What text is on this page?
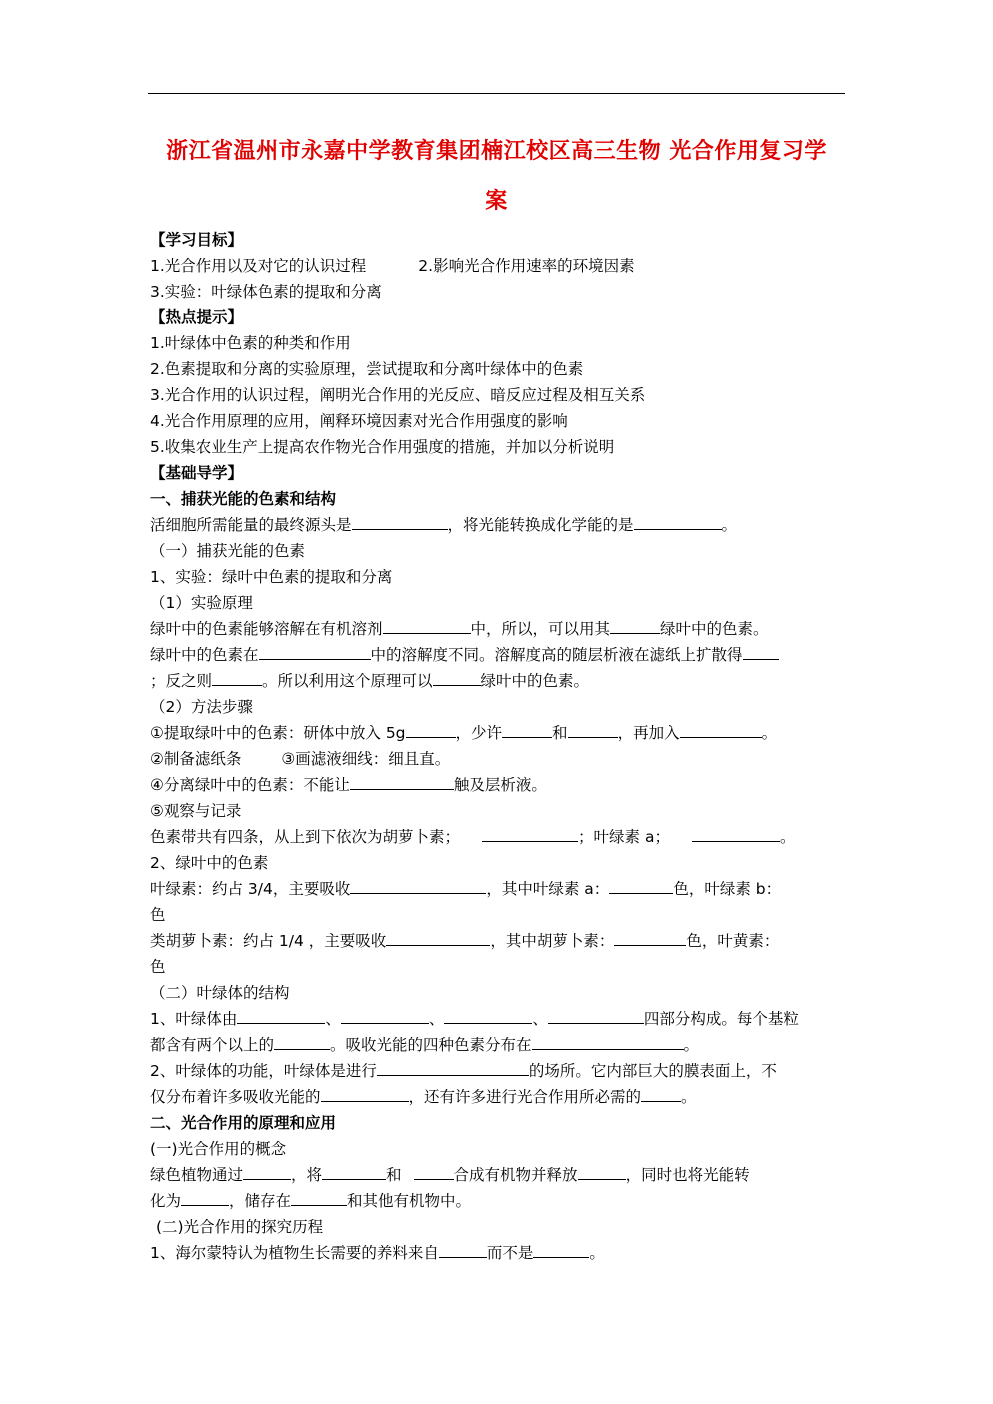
浙江省温州市永嘉中学教育集团楠江校区高三生物 光合作用复习学
案
【学习目标】
1.光合作用以及对它的认识过程	2.影响光合作用速率的环境因素
3.实验：叶绿体色素的提取和分离
【热点提示】
1.叶绿体中色素的种类和作用
2.色素提取和分离的实验原理，尝试提取和分离叶绿体中的色素
3.光合作用的认识过程，阐明光合作用的光反应、暗反应过程及相互关系
4.光合作用原理的应用，阐释环境因素对光合作用强度的影响
5.收集农业生产上提高农作物光合作用强度的措施，并加以分析说明
【基础导学】
一、捕获光能的色素和结构
活细胞所需能量的最终源头是	，将光能转换成化学能的是	。
（一）捕获光能的色素
1、实验：绿叶中色素的提取和分离
（1）实验原理
绿叶中的色素能够溶解在有机溶剂	中，所以，可以用其	绿叶中的色素。
绿叶中的色素在	中的溶解度不同。溶解度高的随层析液在滤纸上扩散得
；反之则	。所以利用这个原理可以	绿叶中的色素。
（2）方法步骤
①提取绿叶中的色素：研体中放入 5g	，少许	和	，再加入	。
②制备滤纸条	③画滤液细线：细且直。
④分离绿叶中的色素：不能让	触及层析液。
⑤观察与记录
色素带共有四条，从上到下依次为胡萝卜素；	；叶绿素 a；	。
2、绿叶中的色素
叶绿素：约占 3/4，主要吸收	，其中叶绿素 a：	色，叶绿素 b：
色
类胡萝卜素：约占 1/4 ，主要吸收	，其中胡萝卜素：	色，叶黄素：
色
（二）叶绿体的结构
1、叶绿体由	、	、	、	四部分构成。每个基粒
都含有两个以上的	。吸收光能的四种色素分布在	。
2、叶绿体的功能，叶绿体是进行	的场所。它内部巨大的膜表面上，不
仅分布着许多吸收光能的	，还有许多进行光合作用所必需的	。
二、光合作用的原理和应用
(一)光合作用的概念
绿色植物通过	，将	和	合成有机物并释放	，同时也将光能转
化为	，储存在	和其他有机物中。
(二)光合作用的探究历程
1、海尔蒙特认为植物生长需要的养料来自	而不是	。
